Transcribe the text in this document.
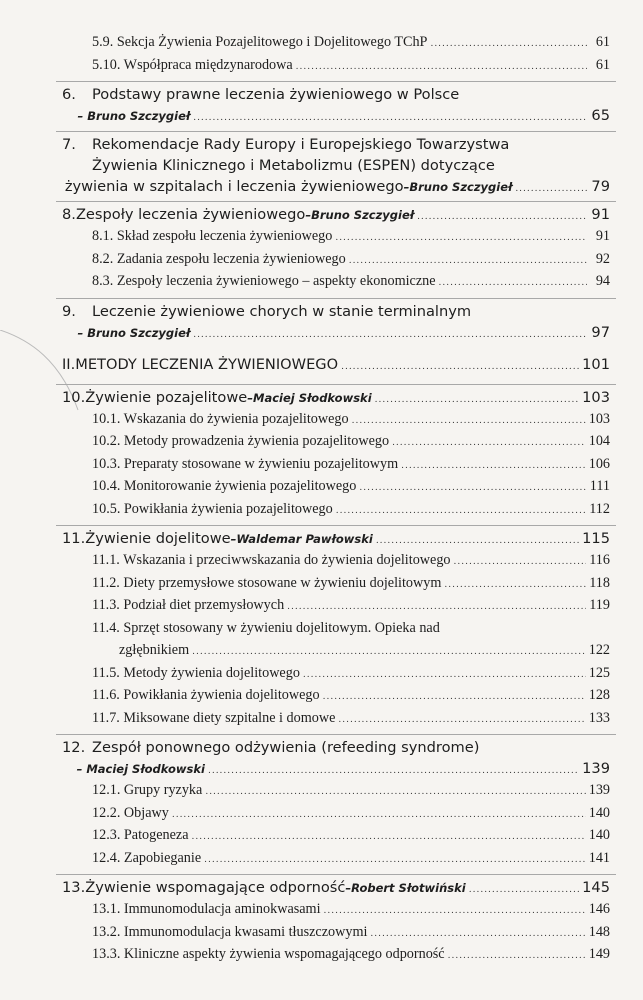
5.9. Sekcja Żywienia Pozajelitowego i Dojelitowego TChP .....	61
5.10. Współpraca międzynarodowa .....	61
6.	Podstawy prawne leczenia żywieniowego w Polsce
– Bruno Szczygieł .....	65
7.	Rekomendacje Rady Europy i Europejskiego Towarzystwa
Żywienia Klinicznego i Metabolizmu (ESPEN) dotyczące
żywienia w szpitalach i leczenia żywieniowego – Bruno Szczygieł .....	79
8. Zespoły leczenia żywieniowego – Bruno Szczygieł .....	91
8.1. Skład zespołu leczenia żywieniowego .....	91
8.2. Zadania zespołu leczenia żywieniowego .....	92
8.3. Zespoły leczenia żywieniowego – aspekty ekonomiczne .....	94
9.	Leczenie żywieniowe chorych w stanie terminalnym
– Bruno Szczygieł .....	97
II. METODY LECZENIA ŻYWIENIOWEGO .....	101
10. Żywienie pozajelitowe – Maciej Słodkowski .....	103
10.1. Wskazania do żywienia pozajelitowego .....	103
10.2. Metody prowadzenia żywienia pozajelitowego .....	104
10.3. Preparaty stosowane w żywieniu pozajelitowym .....	106
10.4. Monitorowanie żywienia pozajelitowego .....	111
10.5. Powikłania żywienia pozajelitowego .....	112
11. Żywienie dojelitowe – Waldemar Pawłowski .....	115
11.1. Wskazania i przeciwwskazania do żywienia dojelitowego .....	116
11.2. Diety przemysłowe stosowane w żywieniu dojelitowym .....	118
11.3. Podział diet przemysłowych .....	119
11.4. Sprzęt stosowany w żywieniu dojelitowym. Opieka nad
zgłębnikiem .....	122
11.5. Metody żywienia dojelitowego .....	125
11.6. Powikłania żywienia dojelitowego .....	128
11.7. Miksowane diety szpitalne i domowe .....	133
12. Zespół ponownego odżywienia (refeeding syndrome)
– Maciej Słodkowski .....	139
12.1. Grupy ryzyka .....	139
12.2. Objawy .....	140
12.3. Patogeneza .....	140
12.4. Zapobieganie .....	141
13. Żywienie wspomagające odporność – Robert Słotwiński .....	145
13.1. Immunomodulacja aminokwasami .....	146
13.2. Immunomodulacja kwasami tłuszczowymi .....	148
13.3. Kliniczne aspekty żywienia wspomagającego odporność .....	149
